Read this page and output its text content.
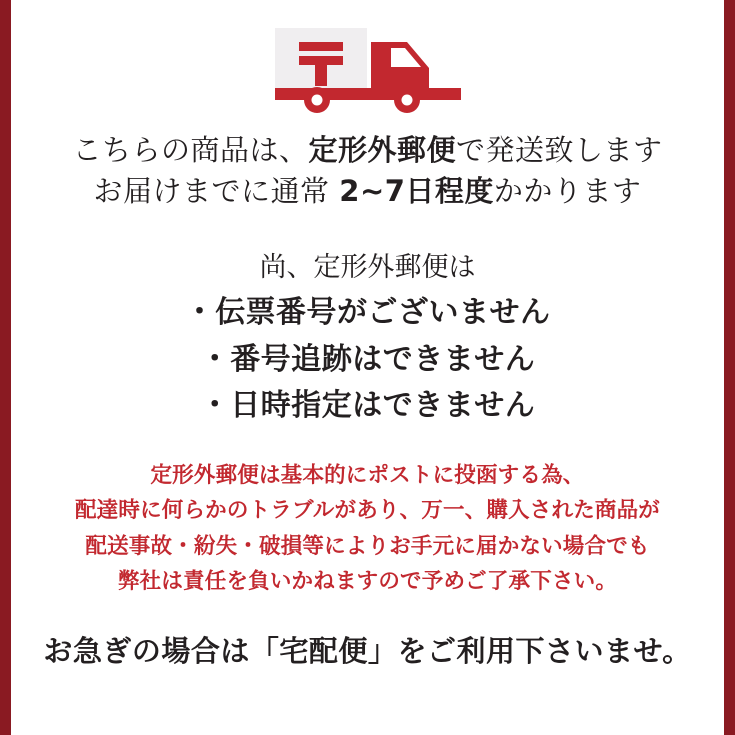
こちらの商品は、定形外郵便で発送致します
お届けまでに通常 2~7日程度かかります
尚、定形外郵便は
・伝票番号がございません
・番号追跡はできません
・日時指定はできません
定形外郵便は基本的にポストに投函する為、
配達時に何らかのトラブルがあり、万一、購入された商品が
配送事故・紛失・破損等によりお手元に届かない場合でも
弊社は責任を負いかねますので予めご了承下さい。
お急ぎの場合は「宅配便」をご利用下さいませ。
